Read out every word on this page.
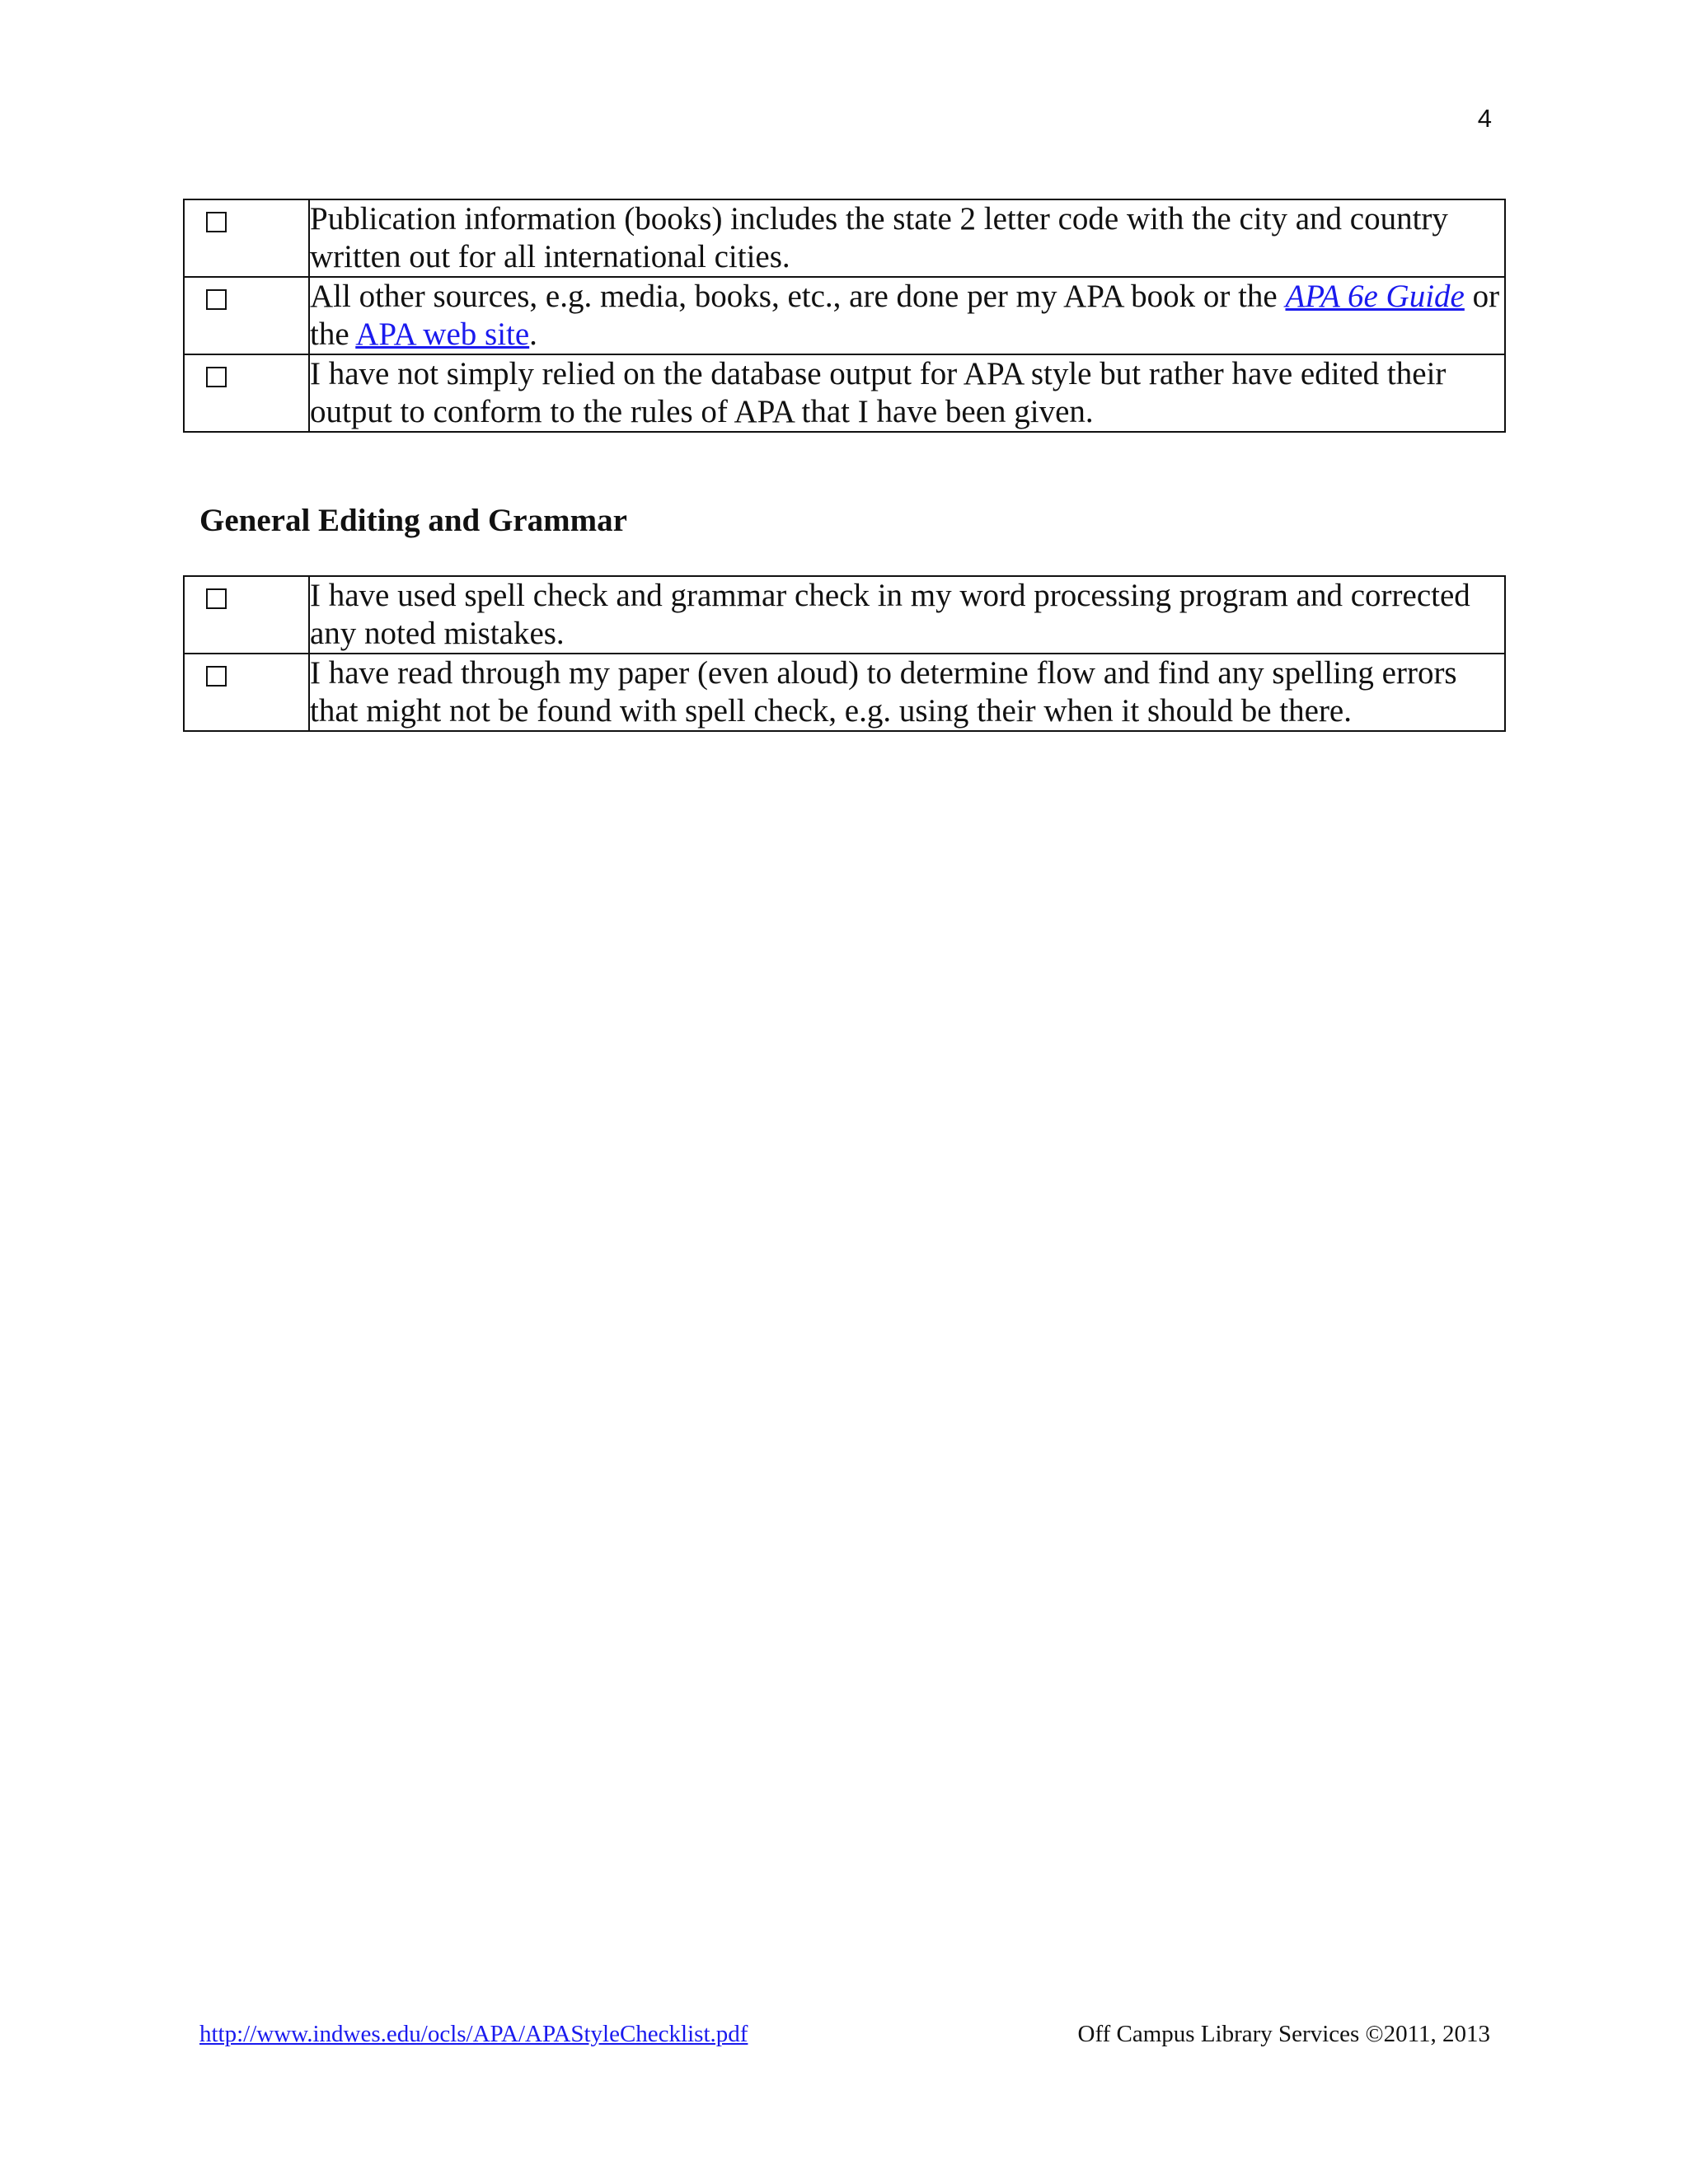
4
	Publication information (books) includes the state 2 letter code with the city and country written out for all international cities.

	All other sources, e.g. media, books, etc., are done per my APA book or the APA 6e Guide or the APA web site.

	I have not simply relied on the database output for APA style but rather have edited their output to conform to the rules of APA that I have been given.
General Editing and Grammar
	I have used spell check and grammar check in my word processing program and corrected any noted mistakes.

	I have read through my paper (even aloud) to determine flow and find any spelling errors that might not be found with spell check, e.g. using their when it should be there.
http://www.indwes.edu/ocls/APA/APAStyleChecklist.pdf	Off Campus Library Services ©2011, 2013
